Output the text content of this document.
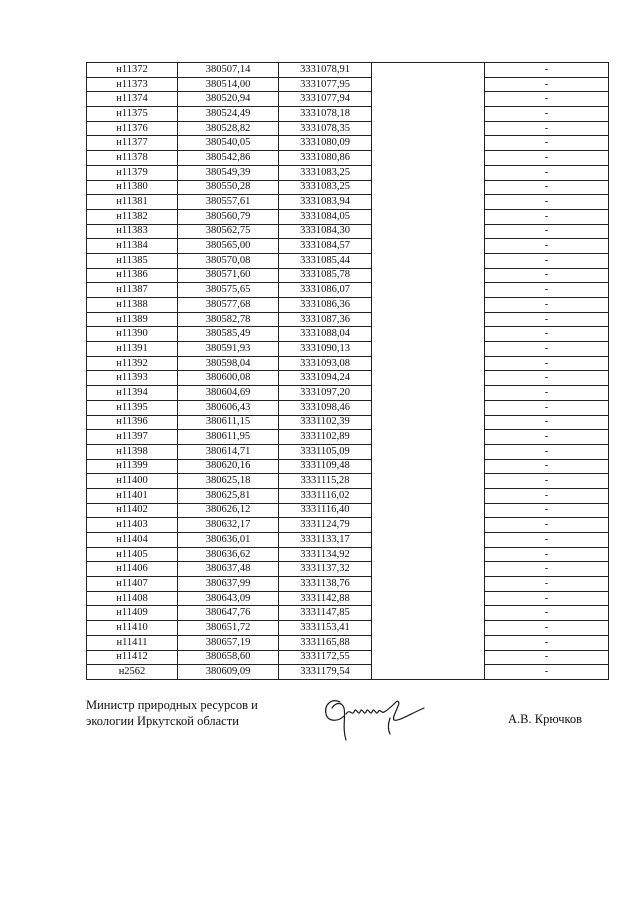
н11372	380507,14	3331078,91		-
н11373	380514,00	3331077,95		-
н11374	380520,94	3331077,94		-
н11375	380524,49	3331078,18		-
н11376	380528,82	3331078,35		-
н11377	380540,05	3331080,09		-
н11378	380542,86	3331080,86		-
н11379	380549,39	3331083,25		-
н11380	380550,28	3331083,25		-
н11381	380557,61	3331083,94		-
н11382	380560,79	3331084,05		-
н11383	380562,75	3331084,30		-
н11384	380565,00	3331084,57		-
н11385	380570,08	3331085,44		-
н11386	380571,60	3331085,78		-
н11387	380575,65	3331086,07		-
н11388	380577,68	3331086,36		-
н11389	380582,78	3331087,36		-
н11390	380585,49	3331088,04		-
н11391	380591,93	3331090,13		-
н11392	380598,04	3331093,08		-
н11393	380600,08	3331094,24		-
н11394	380604,69	3331097,20		-
н11395	380606,43	3331098,46		-
н11396	380611,15	3331102,39		-
н11397	380611,95	3331102,89		-
н11398	380614,71	3331105,09		-
н11399	380620,16	3331109,48		-
н11400	380625,18	3331115,28		-
н11401	380625,81	3331116,02		-
н11402	380626,12	3331116,40		-
н11403	380632,17	3331124,79		-
н11404	380636,01	3331133,17		-
н11405	380636,62	3331134,92		-
н11406	380637,48	3331137,32		-
н11407	380637,99	3331138,76		-
н11408	380643,09	3331142,88		-
н11409	380647,76	3331147,85		-
н11410	380651,72	3331153,41		-
н11411	380657,19	3331165,88		-
н11412	380658,60	3331172,55		-
н2562	380609,09	3331179,54		-
Министр природных ресурсов и
экологии Иркутской области	А.В. Крючков
